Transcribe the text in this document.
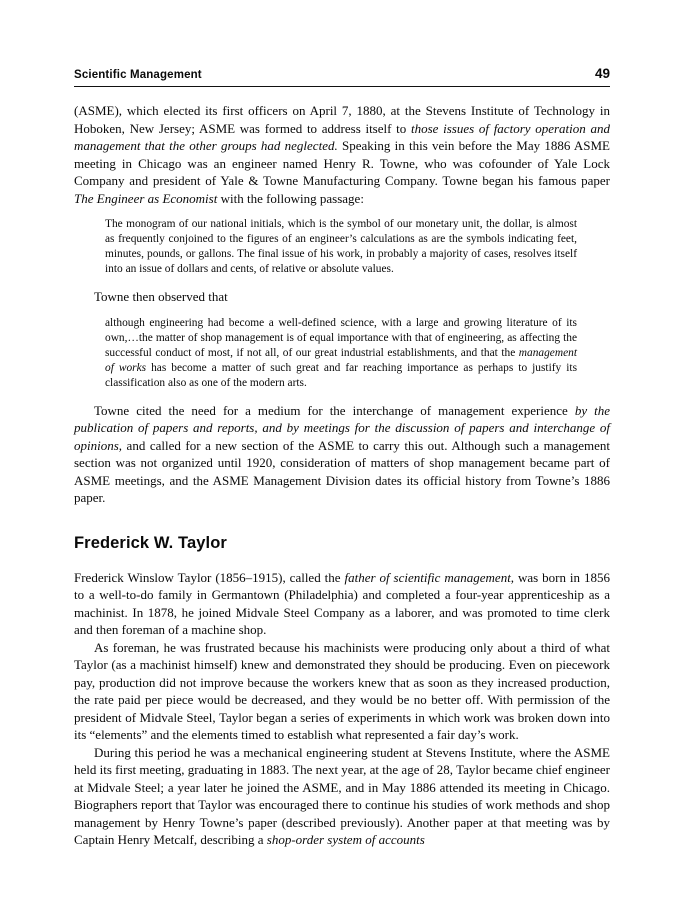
Scientific Management	49

(ASME), which elected its first officers on April 7, 1880, at the Stevens Institute of Technology in Hoboken, New Jersey; ASME was formed to address itself to those issues of factory operation and management that the other groups had neglected. Speaking in this vein before the May 1886 ASME meeting in Chicago was an engineer named Henry R. Towne, who was cofounder of Yale Lock Company and president of Yale & Towne Manufacturing Company. Towne began his famous paper The Engineer as Economist with the following passage:

The monogram of our national initials, which is the symbol of our monetary unit, the dollar, is almost as frequently conjoined to the figures of an engineer’s calculations as are the symbols indicating feet, minutes, pounds, or gallons. The final issue of his work, in probably a majority of cases, resolves itself into an issue of dollars and cents, of relative or absolute values.

Towne then observed that

although engineering had become a well-defined science, with a large and growing literature of its own,…the matter of shop management is of equal importance with that of engineering, as affecting the successful conduct of most, if not all, of our great industrial establishments, and that the management of works has become a matter of such great and far reaching importance as perhaps to justify its classification also as one of the modern arts.

Towne cited the need for a medium for the interchange of management experience by the publication of papers and reports, and by meetings for the discussion of papers and interchange of opinions, and called for a new section of the ASME to carry this out. Although such a management section was not organized until 1920, consideration of matters of shop management became part of ASME meetings, and the ASME Management Division dates its official history from Towne’s 1886 paper.

Frederick W. Taylor

Frederick Winslow Taylor (1856–1915), called the father of scientific management, was born in 1856 to a well-to-do family in Germantown (Philadelphia) and completed a four-year apprenticeship as a machinist. In 1878, he joined Midvale Steel Company as a laborer, and was promoted to time clerk and then foreman of a machine shop.

As foreman, he was frustrated because his machinists were producing only about a third of what Taylor (as a machinist himself) knew and demonstrated they should be producing. Even on piecework pay, production did not improve because the workers knew that as soon as they increased production, the rate paid per piece would be decreased, and they would be no better off. With permission of the president of Midvale Steel, Taylor began a series of experiments in which work was broken down into its “elements” and the elements timed to establish what represented a fair day’s work.

During this period he was a mechanical engineering student at Stevens Institute, where the ASME held its first meeting, graduating in 1883. The next year, at the age of 28, Taylor became chief engineer at Midvale Steel; a year later he joined the ASME, and in May 1886 attended its meeting in Chicago. Biographers report that Taylor was encouraged there to continue his studies of work methods and shop management by Henry Towne’s paper (described previously). Another paper at that meeting was by Captain Henry Metcalf, describing a shop-order system of accounts
